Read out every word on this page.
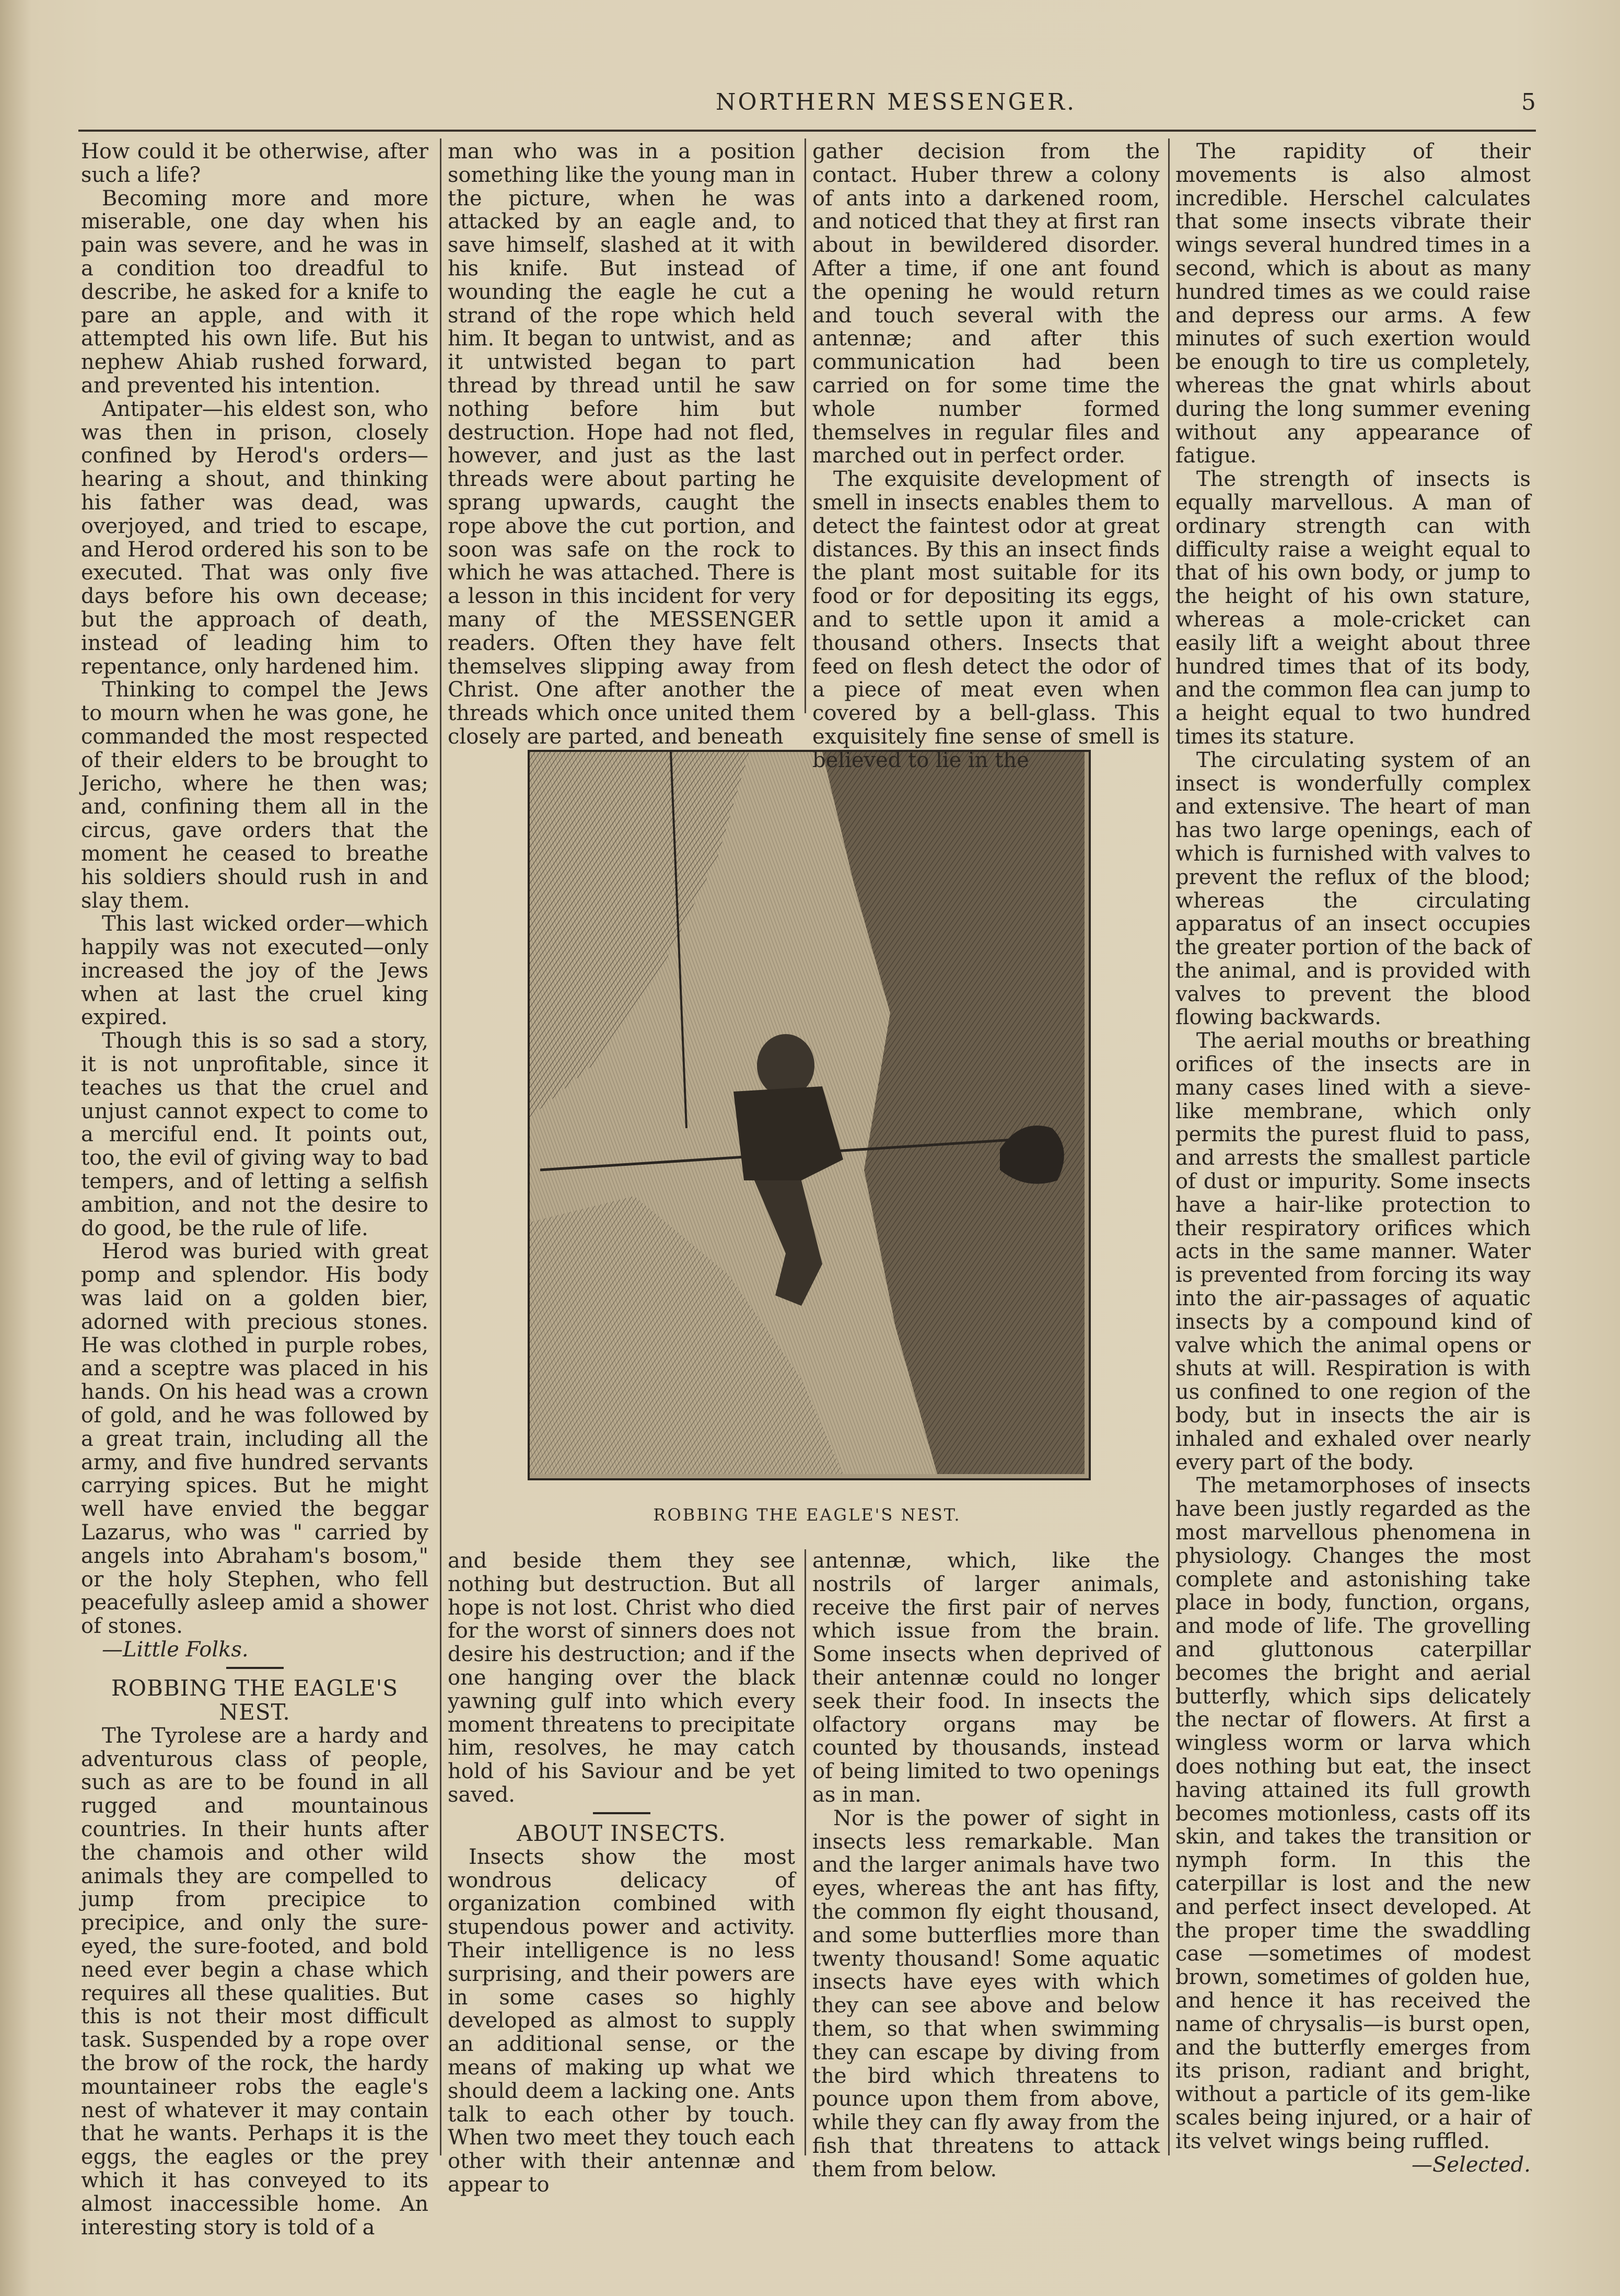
NORTHERN MESSENGER.	5

How could it be otherwise, after such a life?

Becoming more and more miserable, one day when his pain was severe, and he was in a condition too dreadful to describe, he asked for a knife to pare an apple, and with it attempted his own life. But his nephew Ahiab rushed forward, and prevented his intention.

Antipater—his eldest son, who was then in prison, closely confined by Herod's orders—hearing a shout, and thinking his father was dead, was overjoyed, and tried to escape, and Herod ordered his son to be executed. That was only five days before his own decease; but the approach of death, instead of leading him to repentance, only hardened him.

Thinking to compel the Jews to mourn when he was gone, he commanded the most respected of their elders to be brought to Jericho, where he then was; and, confining them all in the circus, gave orders that the moment he ceased to breathe his soldiers should rush in and slay them.

This last wicked order—which happily was not executed—only increased the joy of the Jews when at last the cruel king expired.

Though this is so sad a story, it is not unprofitable, since it teaches us that the cruel and unjust cannot expect to come to a merciful end. It points out, too, the evil of giving way to bad tempers, and of letting a selfish ambition, and not the desire to do good, be the rule of life.

Herod was buried with great pomp and splendor. His body was laid on a golden bier, adorned with precious stones. He was clothed in purple robes, and a sceptre was placed in his hands. On his head was a crown of gold, and he was followed by a great train, including all the army, and five hundred servants carrying spices. But he might well have envied the beggar Lazarus, who was " carried by angels into Abraham's bosom," or the holy Stephen, who fell peacefully asleep amid a shower of stones.

—Little Folks.

ROBBING THE EAGLE'S NEST.

The Tyrolese are a hardy and adventurous class of people, such as are to be found in all rugged and mountainous countries. In their hunts after the chamois and other wild animals they are compelled to jump from precipice to precipice, and only the sure-eyed, the sure-footed, and bold need ever begin a chase which requires all these qualities. But this is not their most difficult task. Suspended by a rope over the brow of the rock, the hardy mountaineer robs the eagle's nest of whatever it may contain that he wants. Perhaps it is the eggs, the eagles or the prey which it has conveyed to its almost inaccessible home. An interesting story is told of a

man who was in a position something like the young man in the picture, when he was attacked by an eagle and, to save himself, slashed at it with his knife. But instead of wounding the eagle he cut a strand of the rope which held him. It began to untwist, and as it untwisted began to part thread by thread until he saw nothing before him but destruction. Hope had not fled, however, and just as the last threads were about parting he sprang upwards, caught the rope above the cut portion, and soon was safe on the rock to which he was attached. There is a lesson in this incident for very many of the MESSENGER readers. Often they have felt themselves slipping away from Christ. One after another the threads which once united them closely are parted, and beneath

ROBBING THE EAGLE'S NEST.

and beside them they see nothing but destruction. But all hope is not lost. Christ who died for the worst of sinners does not desire his destruction; and if the one hanging over the black yawning gulf into which every moment threatens to precipitate him, resolves, he may catch hold of his Saviour and be yet saved.

ABOUT INSECTS.

Insects show the most wondrous delicacy of organization combined with stupendous power and activity. Their intelligence is no less surprising, and their powers are in some cases so highly developed as almost to supply an additional sense, or the means of making up what we should deem a lacking one. Ants talk to each other by touch. When two meet they touch each other with their antennæ and appear to

gather decision from the contact. Huber threw a colony of ants into a darkened room, and noticed that they at first ran about in bewildered disorder. After a time, if one ant found the opening he would return and touch several with the antennæ; and after this communication had been carried on for some time the whole number formed themselves in regular files and marched out in perfect order.

The exquisite development of smell in insects enables them to detect the faintest odor at great distances. By this an insect finds the plant most suitable for its food or for depositing its eggs, and to settle upon it amid a thousand others. Insects that feed on flesh detect the odor of a piece of meat even when covered by a bell-glass. This exquisitely fine sense of smell is believed to lie in the

antennæ, which, like the nostrils of larger animals, receive the first pair of nerves which issue from the brain. Some insects when deprived of their antennæ could no longer seek their food. In insects the olfactory organs may be counted by thousands, instead of being limited to two openings as in man.

Nor is the power of sight in insects less remarkable. Man and the larger animals have two eyes, whereas the ant has fifty, the common fly eight thousand, and some butterflies more than twenty thousand! Some aquatic insects have eyes with which they can see above and below them, so that when swimming they can escape by diving from the bird which threatens to pounce upon them from above, while they can fly away from the fish that threatens to attack them from below.

The rapidity of their movements is also almost incredible. Herschel calculates that some insects vibrate their wings several hundred times in a second, which is about as many hundred times as we could raise and depress our arms. A few minutes of such exertion would be enough to tire us completely, whereas the gnat whirls about during the long summer evening without any appearance of fatigue.

The strength of insects is equally marvellous. A man of ordinary strength can with difficulty raise a weight equal to that of his own body, or jump to the height of his own stature, whereas a mole-cricket can easily lift a weight about three hundred times that of its body, and the common flea can jump to a height equal to two hundred times its stature.

The circulating system of an insect is wonderfully complex and extensive. The heart of man has two large openings, each of which is furnished with valves to prevent the reflux of the blood; whereas the circulating apparatus of an insect occupies the greater portion of the back of the animal, and is provided with valves to prevent the blood flowing backwards.

The aerial mouths or breathing orifices of the insects are in many cases lined with a sieve-like membrane, which only permits the purest fluid to pass, and arrests the smallest particle of dust or impurity. Some insects have a hair-like protection to their respiratory orifices which acts in the same manner. Water is prevented from forcing its way into the air-passages of aquatic insects by a compound kind of valve which the animal opens or shuts at will. Respiration is with us confined to one region of the body, but in insects the air is inhaled and exhaled over nearly every part of the body.

The metamorphoses of insects have been justly regarded as the most marvellous phenomena in physiology. Changes the most complete and astonishing take place in body, function, organs, and mode of life. The grovelling and gluttonous caterpillar becomes the bright and aerial butterfly, which sips delicately the nectar of flowers. At first a wingless worm or larva which does nothing but eat, the insect having attained its full growth becomes motionless, casts off its skin, and takes the transition or nymph form. In this the caterpillar is lost and the new and perfect insect developed. At the proper time the swaddling case —sometimes of modest brown, sometimes of golden hue, and hence it has received the name of chrysalis—is burst open, and the butterfly emerges from its prison, radiant and bright, without a particle of its gem-like scales being injured, or a hair of its velvet wings being ruffled.

—Selected.
